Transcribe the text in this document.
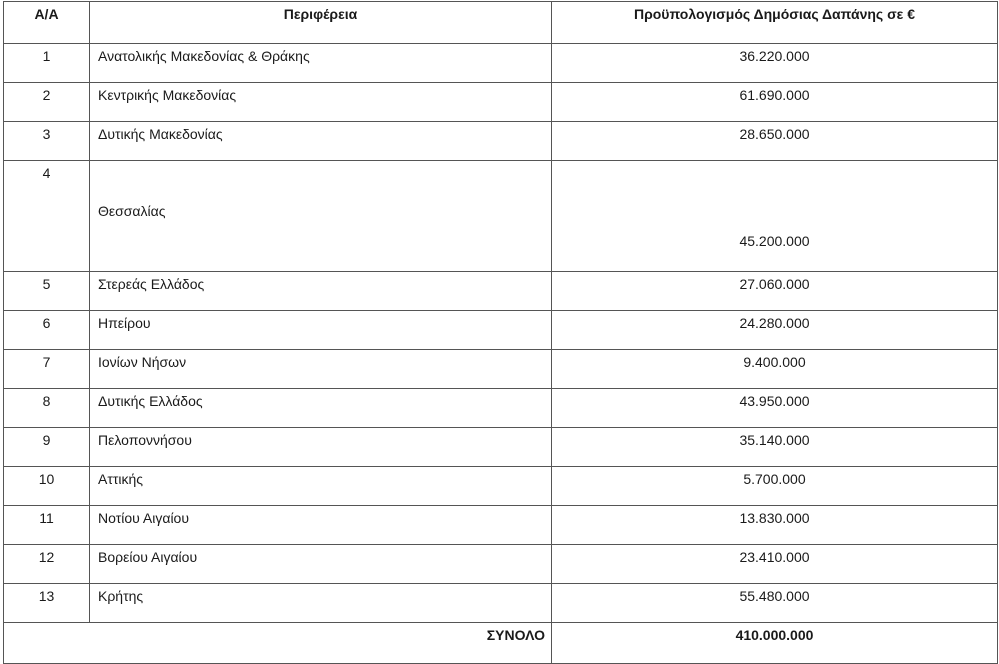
Α/Α	Περιφέρεια	Προϋπολογισμός Δημόσιας Δαπάνης σε €
1	Ανατολικής Μακεδονίας & Θράκης	36.220.000
2	Κεντρικής Μακεδονίας	61.690.000
3	Δυτικής Μακεδονίας	28.650.000

4	Θεσσαλίας	45.200.000

5	Στερεάς Ελλάδος	27.060.000
6	Ηπείρου	24.280.000
7	Ιονίων Νήσων	9.400.000
8	Δυτικής Ελλάδος	43.950.000
9	Πελοποννήσου	35.140.000
10	Αττικής	5.700.000
11	Νοτίου Αιγαίου	13.830.000
12	Βορείου Αιγαίου	23.410.000
13	Κρήτης	55.480.000
ΣΥΝΟΛΟ		410.000.000
